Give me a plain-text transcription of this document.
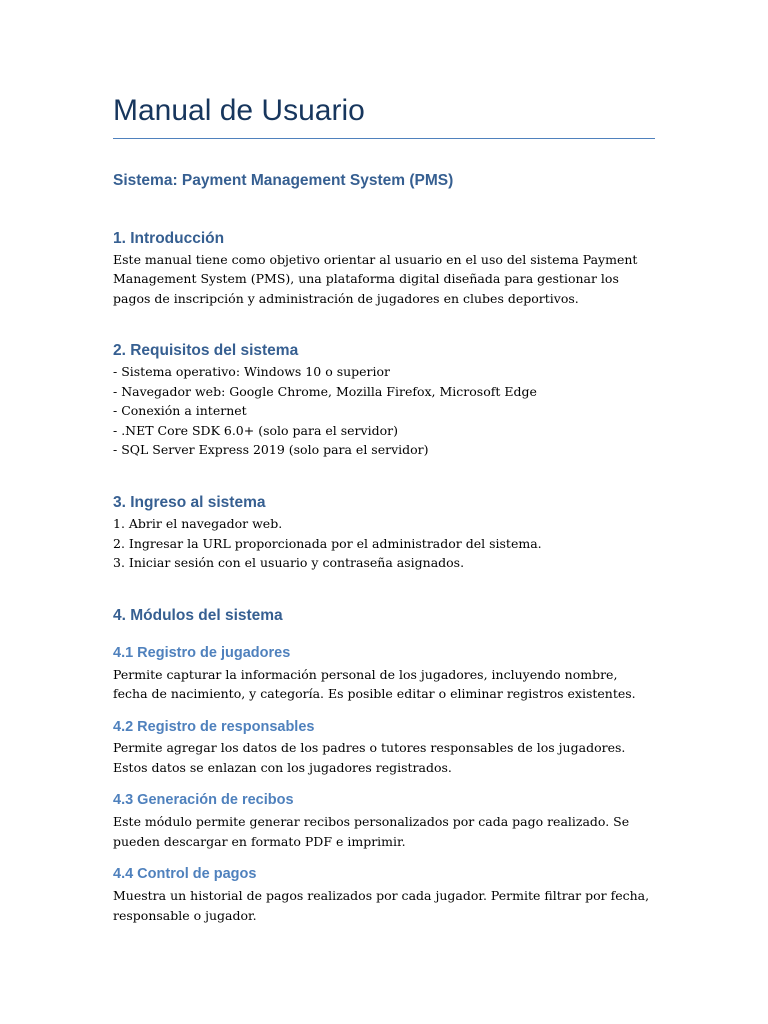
Manual de Usuario
Sistema: Payment Management System (PMS)
1. Introducción

Este manual tiene como objetivo orientar al usuario en el uso del sistema Payment Management System (PMS), una plataforma digital diseñada para gestionar los pagos de inscripción y administración de jugadores en clubes deportivos.

2. Requisitos del sistema
- Sistema operativo: Windows 10 o superior
- Navegador web: Google Chrome, Mozilla Firefox, Microsoft Edge
- Conexión a internet
- .NET Core SDK 6.0+ (solo para el servidor)
- SQL Server Express 2019 (solo para el servidor)
3. Ingreso al sistema
1. Abrir el navegador web.
2. Ingresar la URL proporcionada por el administrador del sistema.
3. Iniciar sesión con el usuario y contraseña asignados.
4. Módulos del sistema
4.1 Registro de jugadores

Permite capturar la información personal de los jugadores, incluyendo nombre, fecha de nacimiento, y categoría. Es posible editar o eliminar registros existentes.

4.2 Registro de responsables

Permite agregar los datos de los padres o tutores responsables de los jugadores. Estos datos se enlazan con los jugadores registrados.

4.3 Generación de recibos

Este módulo permite generar recibos personalizados por cada pago realizado. Se pueden descargar en formato PDF e imprimir.

4.4 Control de pagos

Muestra un historial de pagos realizados por cada jugador. Permite filtrar por fecha, responsable o jugador.
